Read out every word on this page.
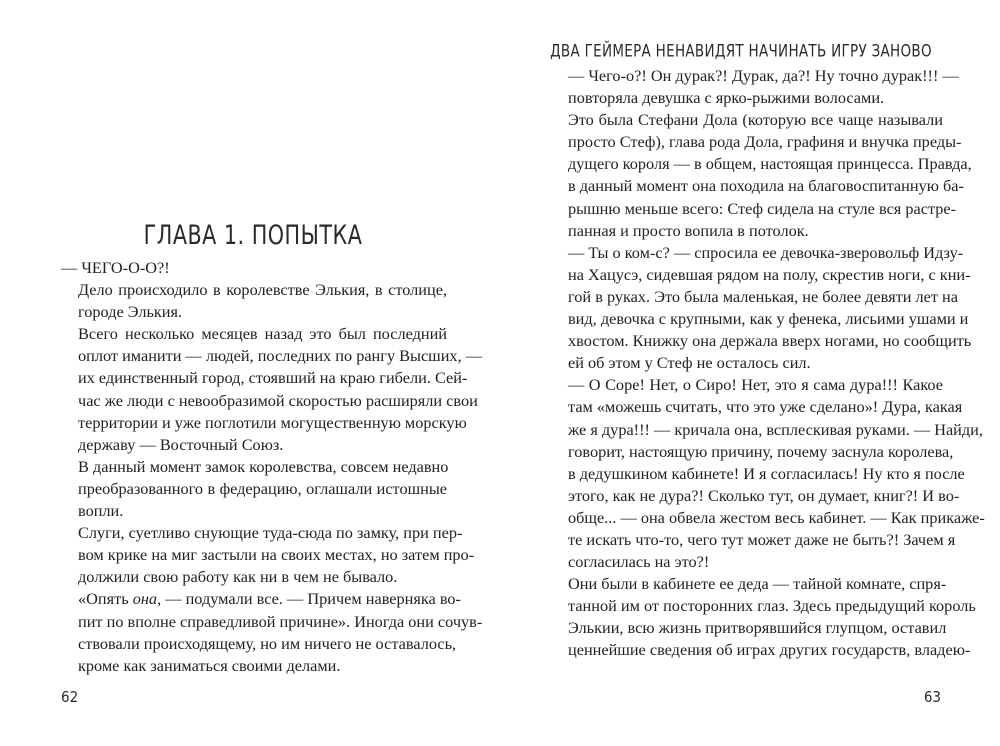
ГЛАВА 1. ПОПЫТКА

— ЧЕГО-О-О?!

Дело происходило в королевстве Элькия, в столице,
городе Элькия.

Всего несколько месяцев назад это был последний
оплот иманити — людей, последних по рангу Высших, —
их единственный город, стоявший на краю гибели. Сей-
час же люди с невообразимой скоростью расширяли свои
территории и уже поглотили могущественную морскую
державу — Восточный Союз.

В данный момент замок королевства, совсем недавно
преобразованного в федерацию, оглашали истошные
вопли.

Слуги, суетливо снующие туда-сюда по замку, при пер-
вом крике на миг застыли на своих местах, но затем про-
должили свою работу как ни в чем не бывало.

«Опять она, — подумали все. — Причем наверняка во-
пит по вполне справедливой причине». Иногда они сочув-
ствовали происходящему, но им ничего не оставалось,
кроме как заниматься своими делами.

62
ДВА ГЕЙМЕРА НЕНАВИДЯТ НАЧИНАТЬ ИГРУ ЗАНОВО

— Чего-о?! Он дурак?! Дурак, да?! Ну точно дурак!!! —
повторяла девушка с ярко-рыжими волосами.

Это была Стефани Дола (которую все чаще называли
просто Стеф), глава рода Дола, графиня и внучка преды-
дущего короля — в общем, настоящая принцесса. Правда,
в данный момент она походила на благовоспитанную ба-
рышню меньше всего: Стеф сидела на стуле вся растре-
панная и просто вопила в потолок.

— Ты о ком-с? — спросила ее девочка-зверовольф Идзу-
на Хацусэ, сидевшая рядом на полу, скрестив ноги, с кни-
гой в руках. Это была маленькая, не более девяти лет на
вид, девочка с крупными, как у фенека, лисьими ушами и
хвостом. Книжку она держала вверх ногами, но сообщить
ей об этом у Стеф не осталось сил.

— О Соре! Нет, о Сиро! Нет, это я сама дура!!! Какое
там «можешь считать, что это уже сделано»! Дура, какая
же я дура!!! — кричала она, всплескивая руками. — Найди,
говорит, настоящую причину, почему заснула королева,
в дедушкином кабинете! И я согласилась! Ну кто я после
этого, как не дура?! Сколько тут, он думает, книг?! И во-
обще... — она обвела жестом весь кабинет. — Как прикаже-
те искать что-то, чего тут может даже не быть?! Зачем я
согласилась на это?!

Они были в кабинете ее деда — тайной комнате, спря-
танной им от посторонних глаз. Здесь предыдущий король
Элькии, всю жизнь притворявшийся глупцом, оставил
ценнейшие сведения об играх других государств, владею-

63
